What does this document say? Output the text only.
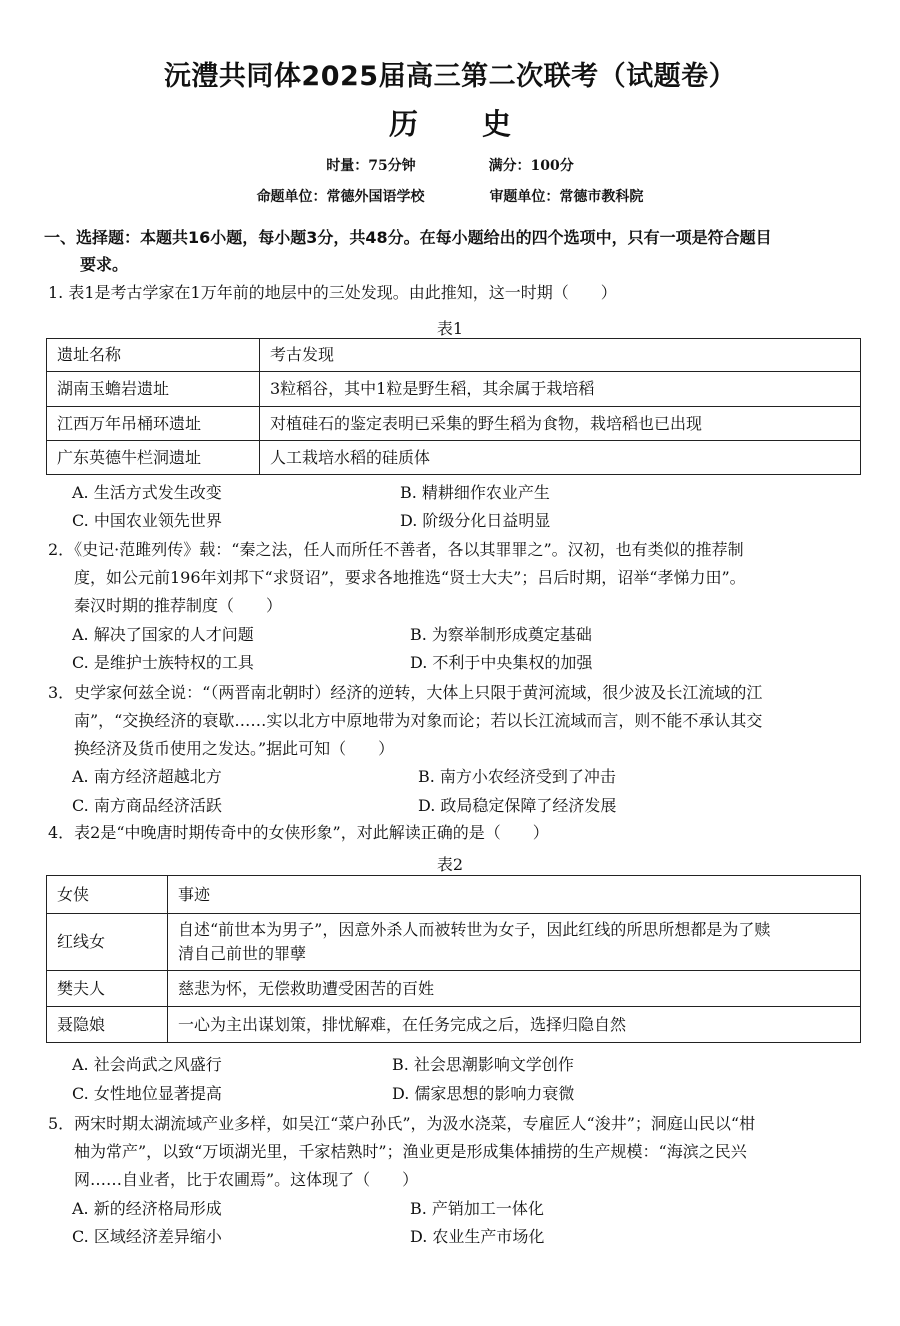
沅澧共同体2025届高三第二次联考（试题卷）
历史
时量：75分钟	满分：100分
命题单位：常德外国语学校	审题单位：常德市教科院
一、选择题：本题共16小题，每小题3分，共48分。在每小题给出的四个选项中，只有一项是符合题目
要求。
1. 表1是考古学家在1万年前的地层中的三处发现。由此推知，这一时期（　　）
表1
遗址名称	考古发现
湖南玉蟾岩遗址	3粒稻谷，其中1粒是野生稻，其余属于栽培稻
江西万年吊桶环遗址	对植硅石的鉴定表明已采集的野生稻为食物，栽培稻也已出现
广东英德牛栏洞遗址	人工栽培水稻的硅质体
A. 生活方式发生改变	B. 精耕细作农业产生
C. 中国农业领先世界	D. 阶级分化日益明显
2．《史记·范雎列传》载：“秦之法，任人而所任不善者，各以其罪罪之”。汉初，也有类似的推荐制
度，如公元前196年刘邦下“求贤诏”，要求各地推选“贤士大夫”；吕后时期，诏举“孝悌力田”。
秦汉时期的推荐制度（　　）
A. 解决了国家的人才问题	B. 为察举制形成奠定基础
C. 是维护士族特权的工具	D. 不利于中央集权的加强
3．史学家何兹全说：“（两晋南北朝时）经济的逆转，大体上只限于黄河流域，很少波及长江流域的江
南”，“交换经济的衰歇……实以北方中原地带为对象而论；若以长江流域而言，则不能不承认其交
换经济及货币使用之发达。”据此可知（　　）
A. 南方经济超越北方	B. 南方小农经济受到了冲击
C. 南方商品经济活跃	D. 政局稳定保障了经济发展
4．表2是“中晚唐时期传奇中的女侠形象”，对此解读正确的是（　　）
表2
女侠	事迹
红线女	自述“前世本为男子”，因意外杀人而被转世为女子，因此红线的所思所想都是为了赎
清自己前世的罪孽

樊夫人	慈悲为怀，无偿救助遭受困苦的百姓
聂隐娘	一心为主出谋划策，排忧解难，在任务完成之后，选择归隐自然
A. 社会尚武之风盛行	B. 社会思潮影响文学创作
C. 女性地位显著提高	D. 儒家思想的影响力衰微
5．两宋时期太湖流域产业多样，如吴江“菜户孙氏”，为汲水浇菜，专雇匠人“浚井”；洞庭山民以“柑
柚为常产”，以致“万顷湖光里，千家桔熟时”；渔业更是形成集体捕捞的生产规模：“海滨之民兴
网……自业者，比于农圃焉”。这体现了（　　）
A. 新的经济格局形成	B. 产销加工一体化
C. 区域经济差异缩小	D. 农业生产市场化
